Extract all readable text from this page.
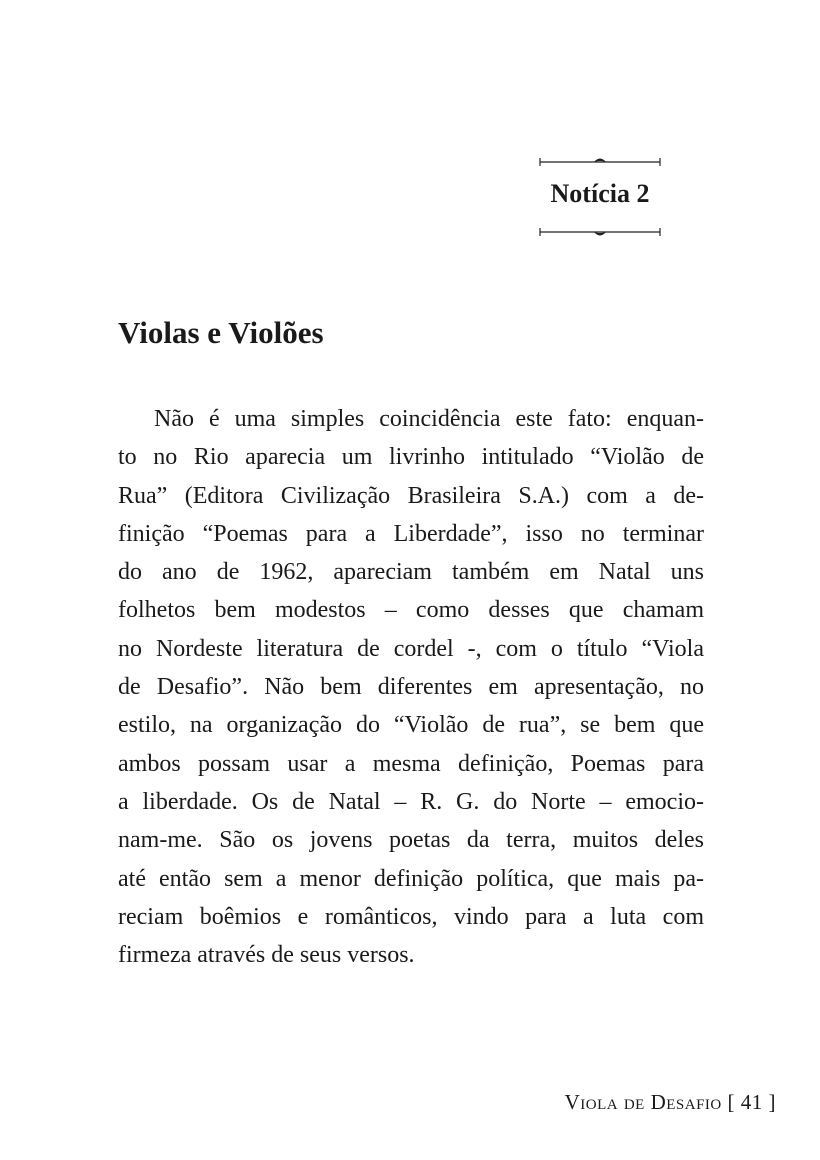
Notícia 2
Violas e Violões

Não é uma simples coincidência este fato: enquan-
to no Rio aparecia um livrinho intitulado “Violão de
Rua” (Editora Civilização Brasileira S.A.) com a de-
finição “Poemas para a Liberdade”, isso no terminar
do ano de 1962, apareciam também em Natal uns
folhetos bem modestos – como desses que chamam
no Nordeste literatura de cordel -, com o título “Viola
de Desafio”. Não bem diferentes em apresentação, no
estilo, na organização do “Violão de rua”, se bem que
ambos possam usar a mesma definição, Poemas para
a liberdade. Os de Natal – R. G. do Norte – emocio-
nam-me. São os jovens poetas da terra, muitos deles
até então sem a menor definição política, que mais pa-
reciam boêmios e românticos, vindo para a luta com
firmeza através de seus versos.

Viola de Desafio [ 41 ]
